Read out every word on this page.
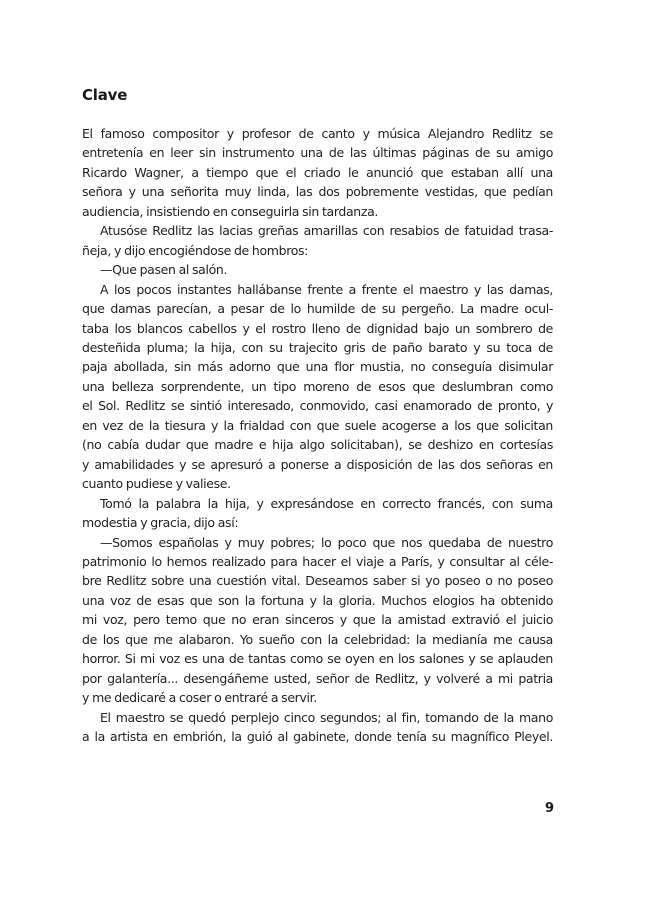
Clave
El famoso compositor y profesor de canto y música Alejandro Redlitz se
entretenía en leer sin instrumento una de las últimas páginas de su amigo
Ricardo Wagner, a tiempo que el criado le anunció que estaban allí una
señora y una señorita muy linda, las dos pobremente vestidas, que pedían
audiencia, insistiendo en conseguirla sin tardanza.
Atusóse Redlitz las lacias greñas amarillas con resabios de fatuidad trasa-
ñeja, y dijo encogiéndose de hombros:
—Que pasen al salón.
A los pocos instantes hallábanse frente a frente el maestro y las damas,
que damas parecían, a pesar de lo humilde de su pergeño. La madre ocul-
taba los blancos cabellos y el rostro lleno de dignidad bajo un sombrero de
desteñida pluma; la hija, con su trajecito gris de paño barato y su toca de
paja abollada, sin más adorno que una flor mustia, no conseguía disimular
una belleza sorprendente, un tipo moreno de esos que deslumbran como
el Sol. Redlitz se sintió interesado, conmovido, casi enamorado de pronto, y
en vez de la tiesura y la frialdad con que suele acogerse a los que solicitan
(no cabía dudar que madre e hija algo solicitaban), se deshizo en cortesías
y amabilidades y se apresuró a ponerse a disposición de las dos señoras en
cuanto pudiese y valiese.
Tomó la palabra la hija, y expresándose en correcto francés, con suma
modestia y gracia, dijo así:
—Somos españolas y muy pobres; lo poco que nos quedaba de nuestro
patrimonio lo hemos realizado para hacer el viaje a París, y consultar al céle-
bre Redlitz sobre una cuestión vital. Deseamos saber si yo poseo o no poseo
una voz de esas que son la fortuna y la gloria. Muchos elogios ha obtenido
mi voz, pero temo que no eran sinceros y que la amistad extravió el juicio
de los que me alabaron. Yo sueño con la celebridad: la medianía me causa
horror. Si mi voz es una de tantas como se oyen en los salones y se aplauden
por galantería... desengáñeme usted, señor de Redlitz, y volveré a mi patria
y me dedicaré a coser o entraré a servir.
El maestro se quedó perplejo cinco segundos; al fin, tomando de la mano
a la artista en embrión, la guió al gabinete, donde tenía su magnífico Pleyel.
9
